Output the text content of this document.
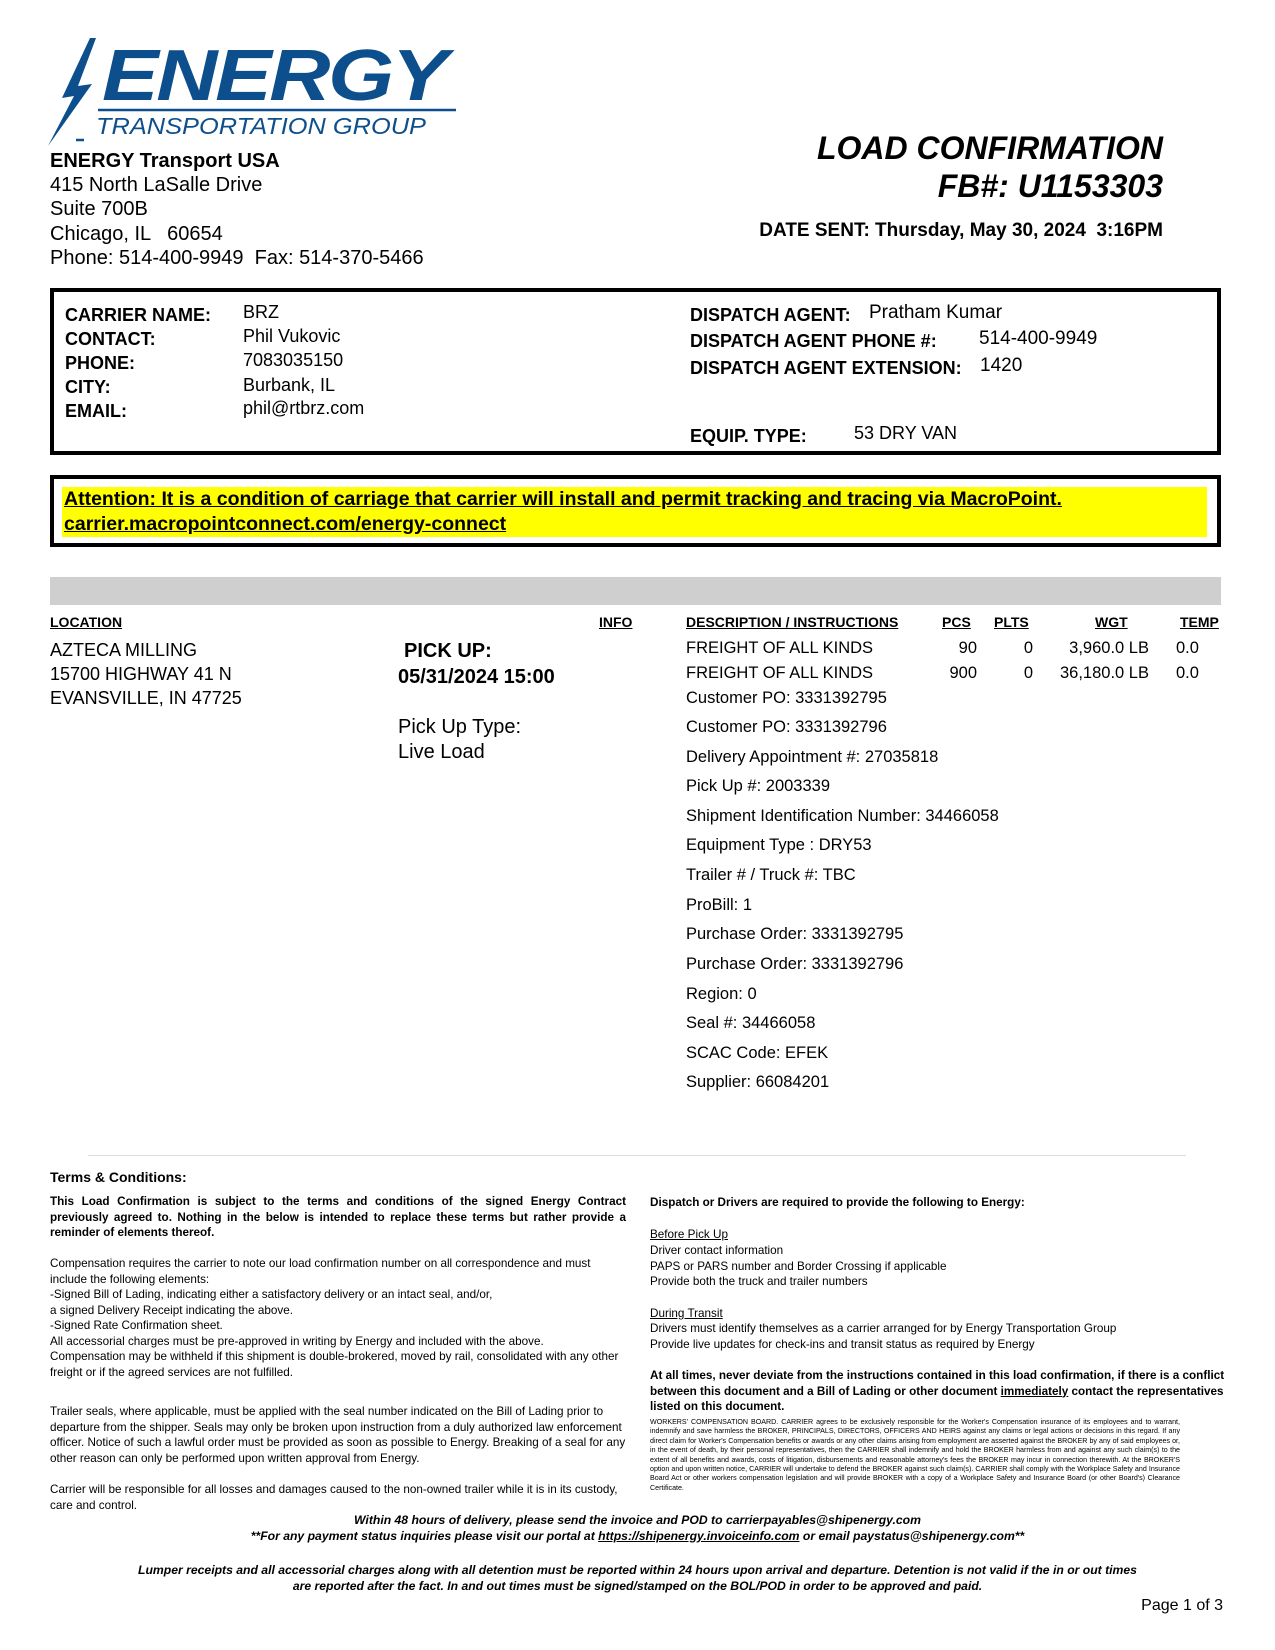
ENERGY
TRANSPORTATION GROUP
ENERGY Transport USA
415 North LaSalle Drive
Suite 700B
Chicago, IL   60654
Phone: 514-400-9949  Fax: 514-370-5466
LOAD CONFIRMATION
FB#: U1153303
DATE SENT: Thursday, May 30, 2024  3:16PM
CARRIER NAME: BRZ
CONTACT:	Phil Vukovic
PHONE:	7083035150
CITY:	Burbank, IL
EMAIL:	phil@rtbrz.com
DISPATCH AGENT: Pratham Kumar
DISPATCH AGENT PHONE #: 514-400-9949
DISPATCH AGENT EXTENSION: 1420
EQUIP. TYPE:	53 DRY VAN
Attention: It is a condition of carriage that carrier will install and permit tracking and tracing via MacroPoint.
carrier.macropointconnect.com/energy-connect
LOCATION	INFO	DESCRIPTION / INSTRUCTIONS	PCS PLTS	WGT	TEMP
AZTECA MILLING
15700 HIGHWAY 41 N
EVANSVILLE, IN 47725
PICK UP:
05/31/2024 15:00
Pick Up Type:
Live Load
FREIGHT OF ALL KINDS	90	0	3,960.0 LB 0.0
FREIGHT OF ALL KINDS	900	0	36,180.0 LB 0.0
Customer PO: 3331392795
Customer PO: 3331392796
Delivery Appointment #: 27035818
Pick Up #: 2003339
Shipment Identification Number: 34466058
Equipment Type : DRY53
Trailer # / Truck #: TBC
ProBill: 1
Purchase Order: 3331392795
Purchase Order: 3331392796
Region: 0
Seal #: 34466058
SCAC Code: EFEK
Supplier: 66084201
Terms & Conditions:
This Load Confirmation is subject to the terms and conditions of the signed Energy Contract previously agreed to. Nothing in the below is intended to replace these terms but rather provide a reminder of elements thereof.
Compensation requires the carrier to note our load confirmation number on all correspondence and must
include the following elements:
-Signed Bill of Lading, indicating either a satisfactory delivery or an intact seal, and/or,
a signed Delivery Receipt indicating the above.
-Signed Rate Confirmation sheet.
All accessorial charges must be pre-approved in writing by Energy and included with the above.
Compensation may be withheld if this shipment is double-brokered, moved by rail, consolidated with any other
freight or if the agreed services are not fulfilled.
Trailer seals, where applicable, must be applied with the seal number indicated on the Bill of Lading prior to
departure from the shipper. Seals may only be broken upon instruction from a duly authorized law enforcement
officer. Notice of such a lawful order must be provided as soon as possible to Energy. Breaking of a seal for any
other reason can only be performed upon written approval from Energy.
Carrier will be responsible for all losses and damages caused to the non-owned trailer while it is in its custody,
care and control.
Dispatch or Drivers are required to provide the following to Energy:
Before Pick Up
Driver contact information
PAPS or PARS number and Border Crossing if applicable
Provide both the truck and trailer numbers
During Transit
Drivers must identify themselves as a carrier arranged for by Energy Transportation Group
Provide live updates for check-ins and transit status as required by Energy
At all times, never deviate from the instructions contained in this load confirmation, if there is a conflict between this document and a Bill of Lading or other document immediately contact the representatives listed on this document.
WORKERS' COMPENSATION BOARD. CARRIER agrees to be exclusively responsible for the Worker's Compensation insurance of its employees and to warrant, indemnify and save harmless the BROKER, PRINCIPALS, DIRECTORS, OFFICERS AND HEIRS against any claims or legal actions or decisions in this regard. If any direct claim for Worker's Compensation benefits or awards or any other claims arising from employment are asserted against the BROKER by any of said employees or, in the event of death, by their personal representatives, then the CARRIER shall indemnify and hold the BROKER harmless from and against any such claim(s) to the extent of all benefits and awards, costs of litigation, disbursements and reasonable attorney's fees the BROKER may incur in connection therewith. At the BROKER'S option and upon written notice, CARRIER will undertake to defend the BROKER against such claim(s). CARRIER shall comply with the Workplace Safety and Insurance Board Act or other workers compensation legislation and will provide BROKER with a copy of a Workplace Safety and Insurance Board (or other Board's) Clearance Certificate.
Within 48 hours of delivery, please send the invoice and POD to carrierpayables@shipenergy.com
**For any payment status inquiries please visit our portal at https://shipenergy.invoiceinfo.com or email paystatus@shipenergy.com**
Lumper receipts and all accessorial charges along with all detention must be reported within 24 hours upon arrival and departure. Detention is not valid if the in or out times
are reported after the fact. In and out times must be signed/stamped on the BOL/POD in order to be approved and paid.
Page 1 of 3
